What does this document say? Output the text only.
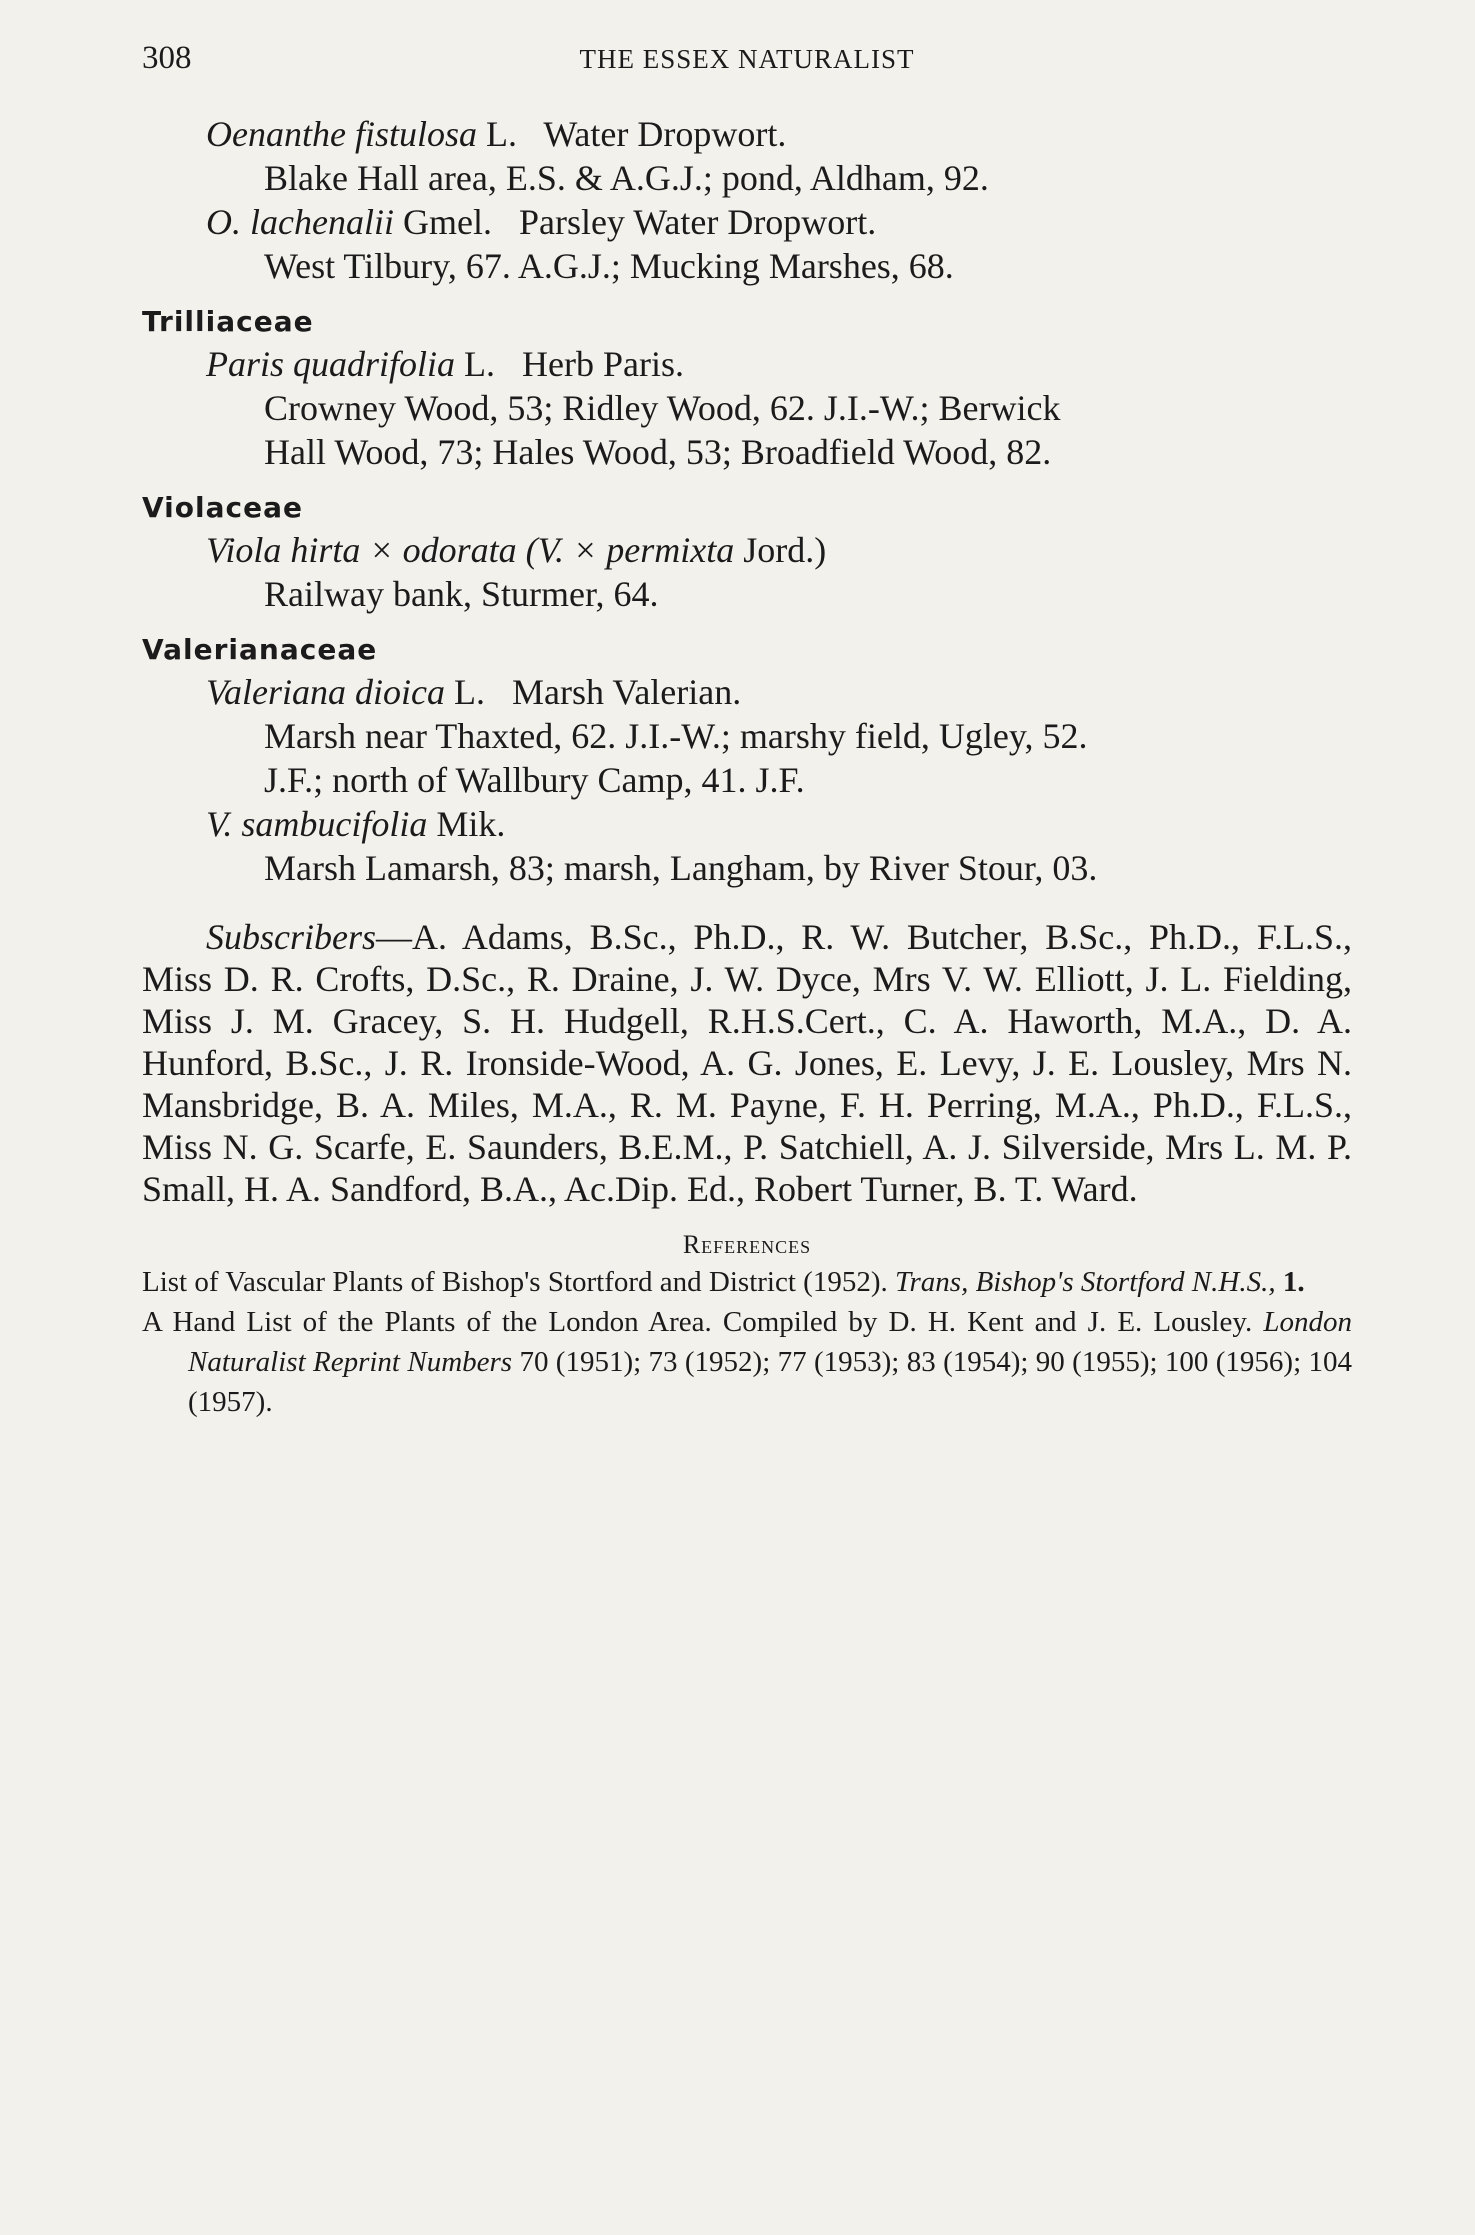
308	THE ESSEX NATURALIST
Oenanthe fistulosa L.   Water Dropwort.
Blake Hall area, E.S. & A.G.J.; pond, Aldham, 92.
O. lachenalii Gmel.   Parsley Water Dropwort.
West Tilbury, 67. A.G.J.; Mucking Marshes, 68.
Trilliaceae
Paris quadrifolia L.   Herb Paris.
Crowney Wood, 53; Ridley Wood, 62. J.I.-W.; Berwick
Hall Wood, 73; Hales Wood, 53; Broadfield Wood, 82.
Violaceae
Viola hirta × odorata (V. × permixta Jord.)
Railway bank, Sturmer, 64.
Valerianaceae
Valeriana dioica L.   Marsh Valerian.
Marsh near Thaxted, 62. J.I.-W.; marshy field, Ugley, 52.
J.F.; north of Wallbury Camp, 41. J.F.
V. sambucifolia Mik.
Marsh Lamarsh, 83; marsh, Langham, by River Stour, 03.
Subscribers—A. Adams, B.Sc., Ph.D., R. W. Butcher, B.Sc., Ph.D., F.L.S., Miss D. R. Crofts, D.Sc., R. Draine, J. W. Dyce, Mrs V. W. Elliott, J. L. Fielding, Miss J. M. Gracey, S. H. Hudgell, R.H.S.Cert., C. A. Haworth, M.A., D. A. Hunford, B.Sc., J. R. Ironside-Wood, A. G. Jones, E. Levy, J. E. Lousley, Mrs N. Mansbridge, B. A. Miles, M.A., R. M. Payne, F. H. Perring, M.A., Ph.D., F.L.S., Miss N. G. Scarfe, E. Saunders, B.E.M., P. Satchiell, A. J. Silverside, Mrs L. M. P. Small, H. A. Sandford, B.A., Ac.Dip. Ed., Robert Turner, B. T. Ward.
References
List of Vascular Plants of Bishop's Stortford and District (1952). Trans, Bishop's Stortford N.H.S., 1.
A Hand List of the Plants of the London Area. Compiled by D. H. Kent and J. E. Lousley. London Naturalist Reprint Numbers 70 (1951); 73 (1952); 77 (1953); 83 (1954); 90 (1955); 100 (1956); 104 (1957).
